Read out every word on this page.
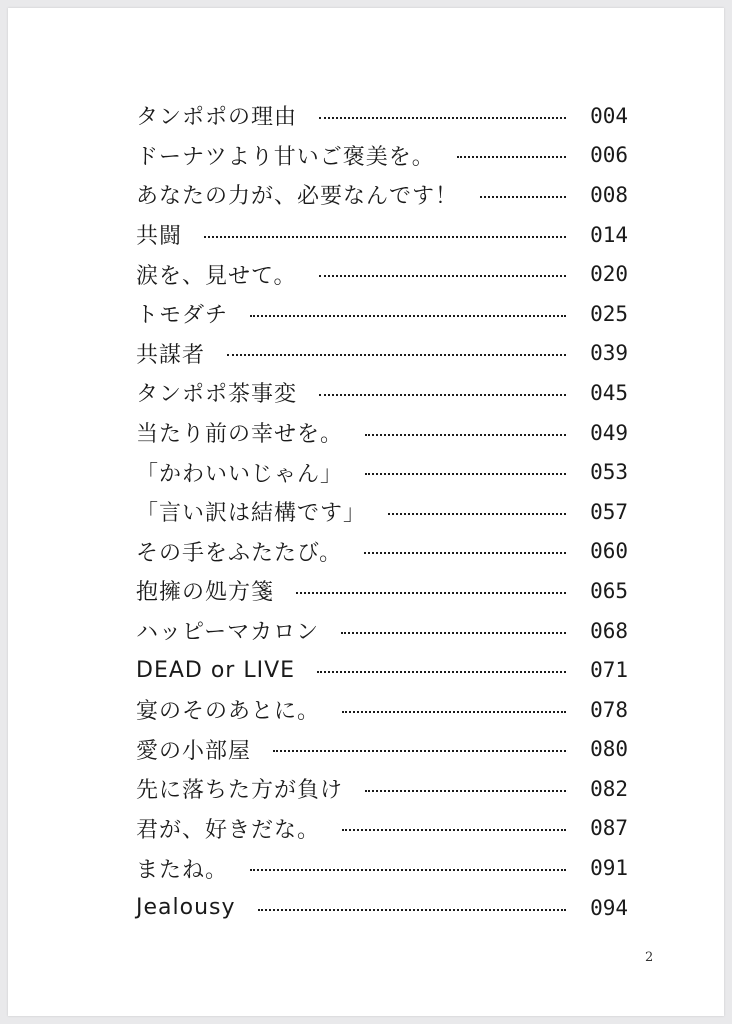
タンポポの理由	004
ドーナツより甘いご褒美を。	006
あなたの力が、必要なんです！	008
共闘	014
涙を、見せて。	020
トモダチ	025
共謀者	039
タンポポ茶事変	045
当たり前の幸せを。	049
「かわいいじゃん」	053
「言い訳は結構です」	057
その手をふたたび。	060
抱擁の処方箋	065
ハッピーマカロン	068
DEAD or LIVE	071
宴のそのあとに。	078
愛の小部屋	080
先に落ちた方が負け	082
君が、好きだな。	087
またね。	091
Jealousy	094
2
